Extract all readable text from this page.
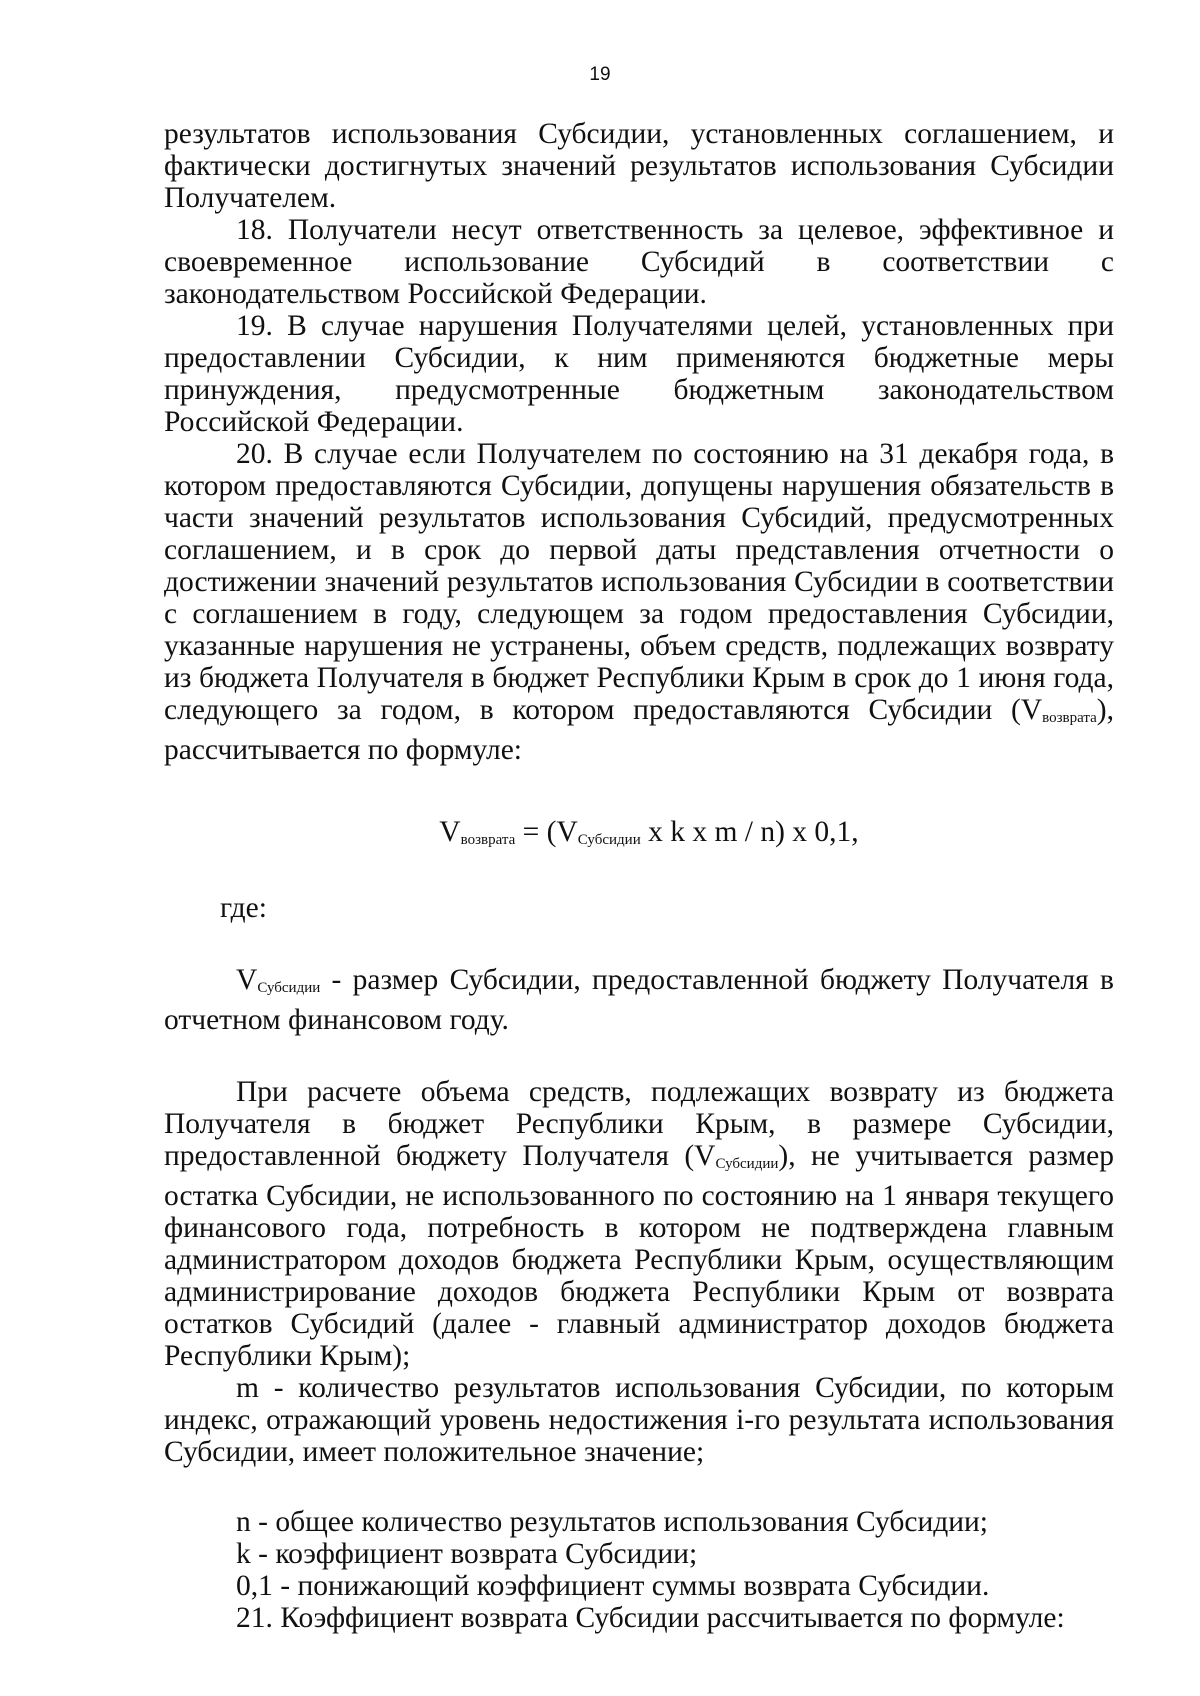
19

результатов использования Субсидии, установленных соглашением, и фактически достигнутых значений результатов использования Субсидии Получателем.

18. Получатели несут ответственность за целевое, эффективное и своевременное использование Субсидий в соответствии с законодательством Российской Федерации.

19. В случае нарушения Получателями целей, установленных при предоставлении Субсидии, к ним применяются бюджетные меры принуждения, предусмотренные бюджетным законодательством Российской Федерации.

20. В случае если Получателем по состоянию на 31 декабря года, в котором предоставляются Субсидии, допущены нарушения обязательств в части значений результатов использования Субсидий, предусмотренных соглашением, и в срок до первой даты представления отчетности о достижении значений результатов использования Субсидии в соответствии с соглашением в году, следующем за годом предоставления Субсидии, указанные нарушения не устранены, объем средств, подлежащих возврату из бюджета Получателя в бюджет Республики Крым в срок до 1 июня года, следующего за годом, в котором предоставляются Субсидии $(V_{возврата})$, рассчитывается по формуле:

$V_{возврата} = (V_{Субсидии}$ x k x m / n) x 0,1,

где:

$V_{Субсидии}$ - размер Субсидии, предоставленной бюджету Получателя в отчетном финансовом году.

При расчете объема средств, подлежащих возврату из бюджета Получателя в бюджет Республики Крым, в размере Субсидии, предоставленной бюджету Получателя $(V_{Субсидии})$, не учитывается размер остатка Субсидии, не использованного по состоянию на 1 января текущего финансового года, потребность в котором не подтверждена главным администратором доходов бюджета Республики Крым, осуществляющим администрирование доходов бюджета Республики Крым от возврата остатков Субсидий (далее - главный администратор доходов бюджета Республики Крым);

m - количество результатов использования Субсидии, по которым индекс, отражающий уровень недостижения i-го результата использования Субсидии, имеет положительное значение;

n - общее количество результатов использования Субсидии;

k - коэффициент возврата Субсидии;

0,1 - понижающий коэффициент суммы возврата Субсидии.

21. Коэффициент возврата Субсидии рассчитывается по формуле:
